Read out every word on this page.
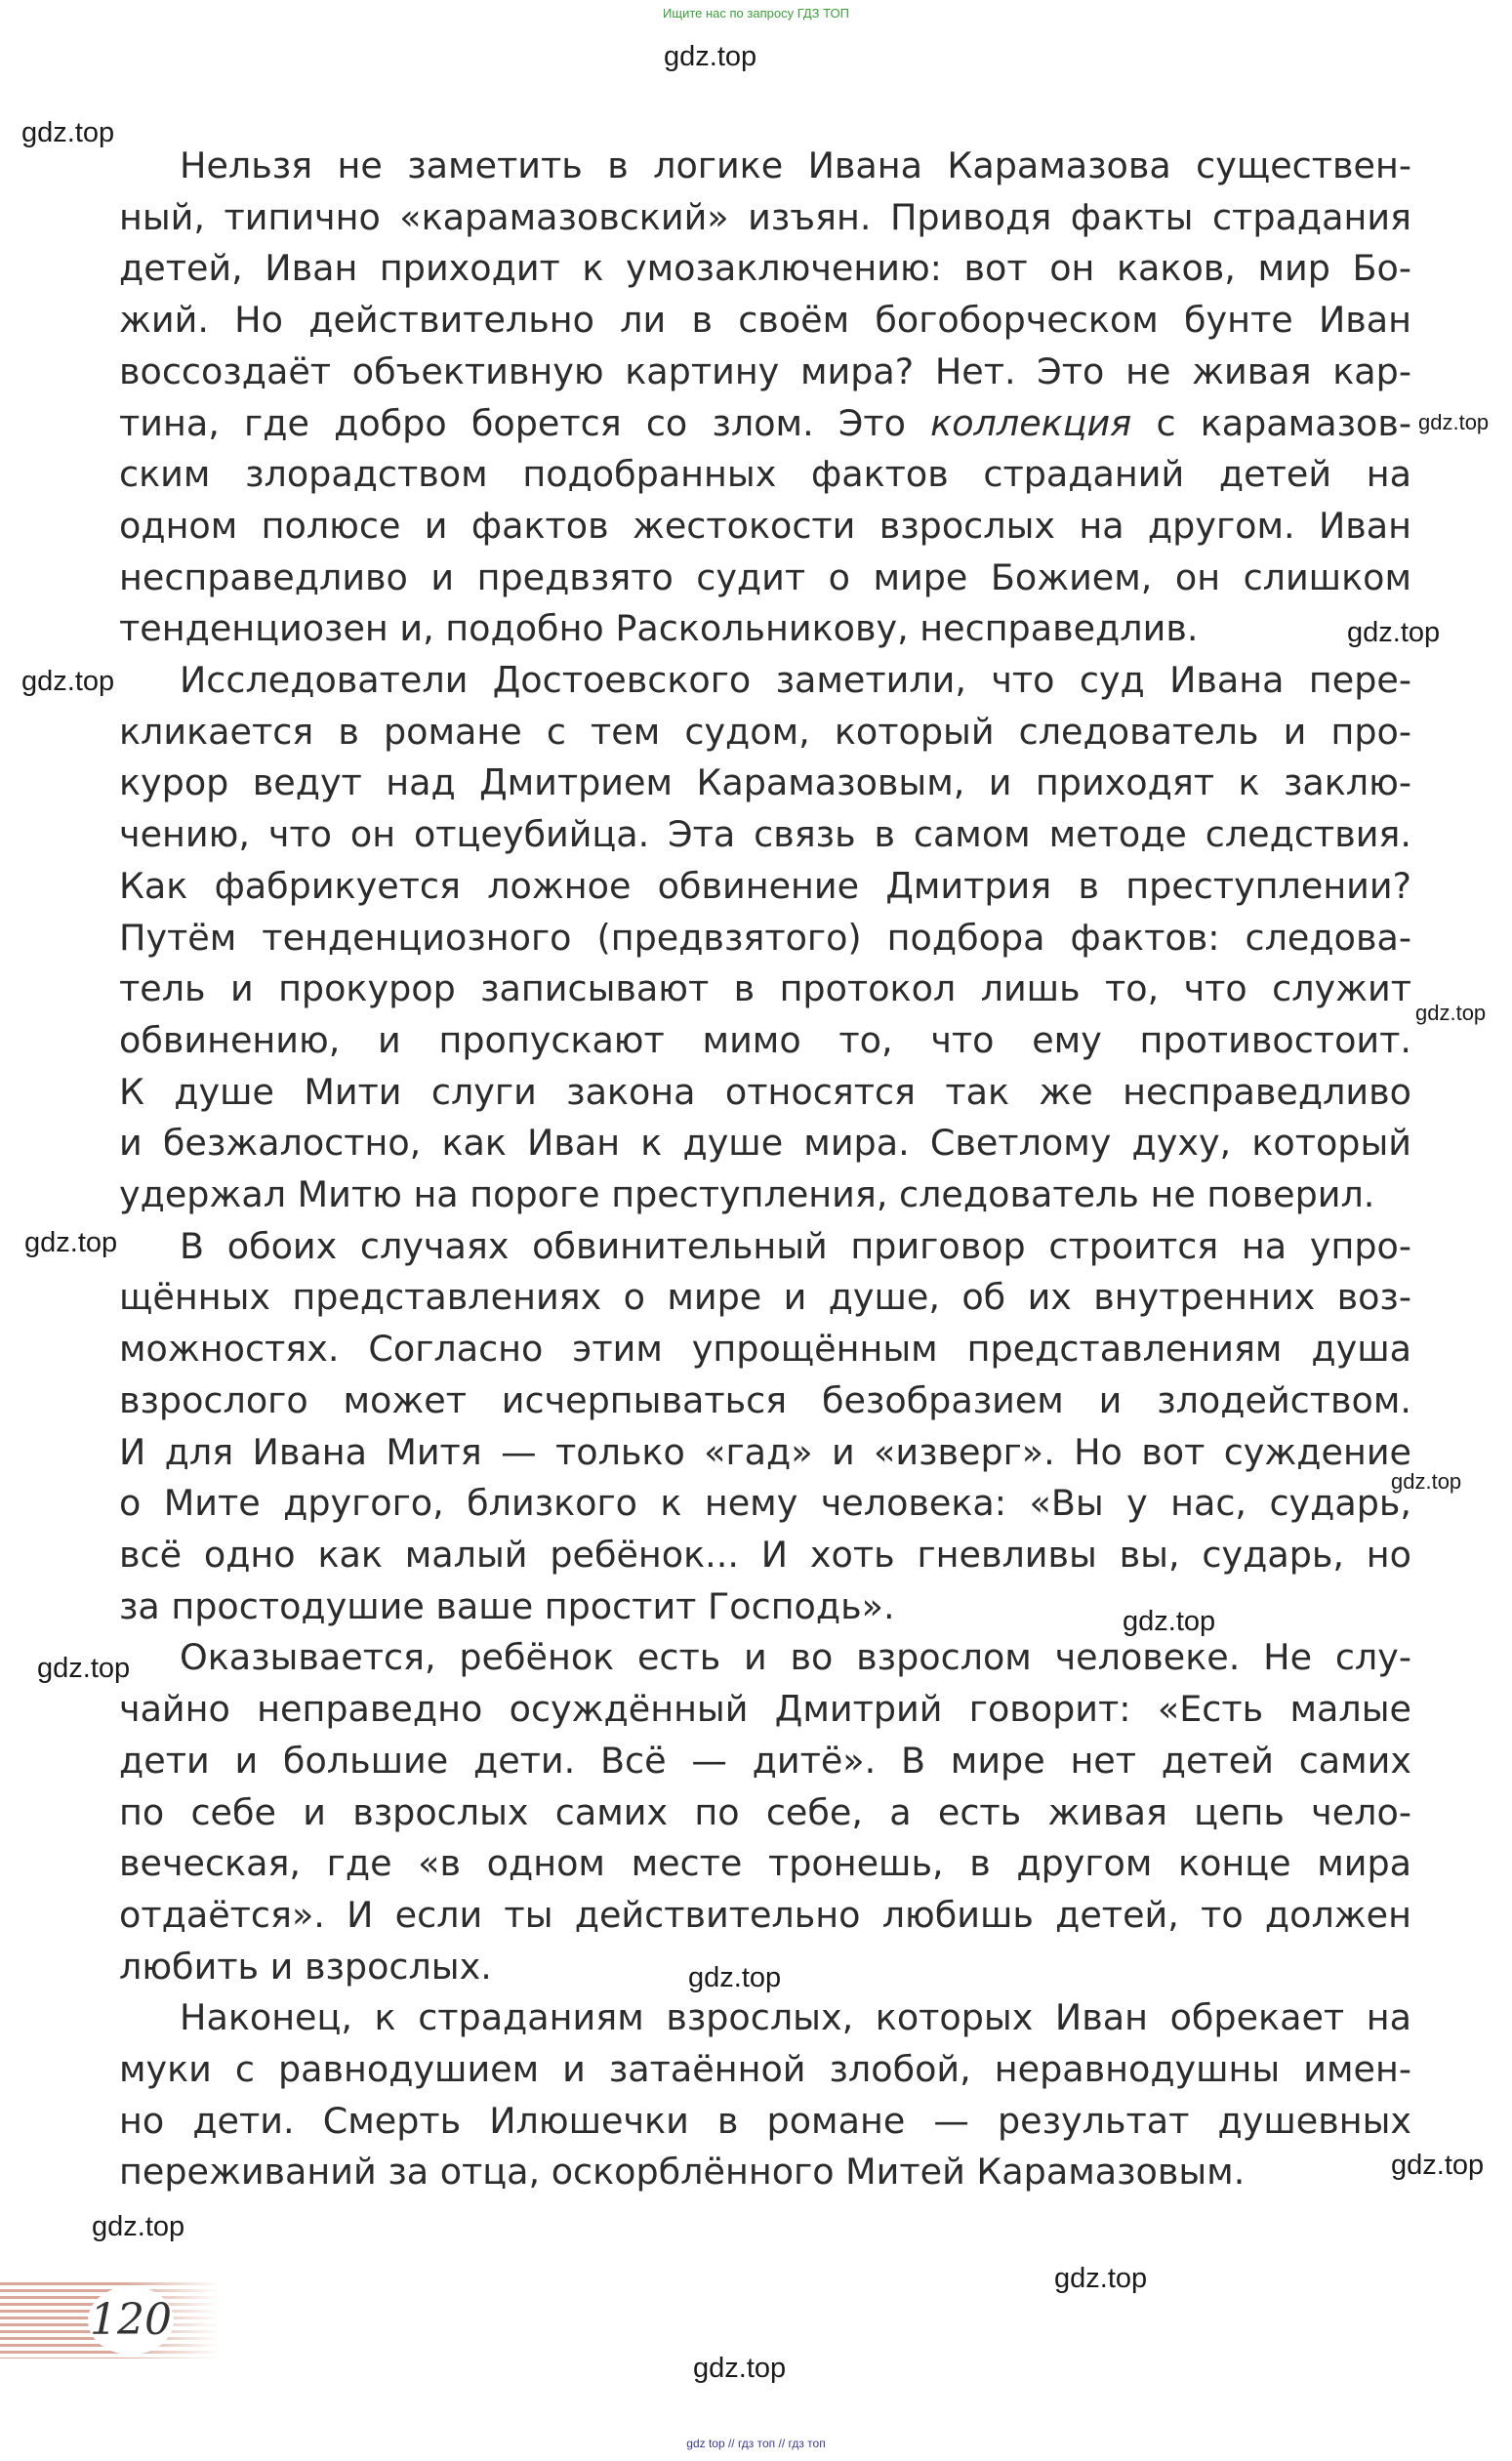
Ищите нас по запросу ГДЗ ТОП

Нельзя не заметить в логике Ивана Карамазова существен-
ный, типично «карамазовский» изъян. Приводя факты страдания
детей, Иван приходит к умозаключению: вот он каков, мир Бо-
жий. Но действительно ли в своём богоборческом бунте Иван
воссоздаёт объективную картину мира? Нет. Это не живая кар-
тина, где добро борется со злом. Это коллекция с карамазов-
ским злорадством подобранных фактов страданий детей на
одном полюсе и фактов жестокости взрослых на другом. Иван
несправедливо и предвзято судит о мире Божием, он слишком
тенденциозен и, подобно Раскольникову, несправедлив.

Исследователи Достоевского заметили, что суд Ивана пере-
кликается в романе с тем судом, который следователь и про-
курор ведут над Дмитрием Карамазовым, и приходят к заклю-
чению, что он отцеубийца. Эта связь в самом методе следствия.
Как фабрикуется ложное обвинение Дмитрия в преступлении?
Путём тенденциозного (предвзятого) подбора фактов: следова-
тель и прокурор записывают в протокол лишь то, что служит
обвинению, и пропускают мимо то, что ему противостоит.
К душе Мити слуги закона относятся так же несправедливо
и безжалостно, как Иван к душе мира. Светлому духу, который
удержал Митю на пороге преступления, следователь не поверил.

В обоих случаях обвинительный приговор строится на упро-
щённых представлениях о мире и душе, об их внутренних воз-
можностях. Согласно этим упрощённым представлениям душа
взрослого может исчерпываться безобразием и злодейством.
И для Ивана Митя — только «гад» и «изверг». Но вот суждение
о Мите другого, близкого к нему человека: «Вы у нас, сударь,
всё одно как малый ребёнок... И хоть гневливы вы, сударь, но
за простодушие ваше простит Господь».

Оказывается, ребёнок есть и во взрослом человеке. Не слу-
чайно неправедно осуждённый Дмитрий говорит: «Есть малые
дети и большие дети. Всё — дитё». В мире нет детей самих
по себе и взрослых самих по себе, а есть живая цепь чело-
веческая, где «в одном месте тронешь, в другом конце мира
отдаётся». И если ты действительно любишь детей, то должен
любить и взрослых.

Наконец, к страданиям взрослых, которых Иван обрекает на
муки с равнодушием и затаённой злобой, неравнодушны имен-
но дети. Смерть Илюшечки в романе — результат душевных
переживаний за отца, оскорблённого Митей Карамазовым.

gdz.top
gdz.top
gdz.top
gdz.top
gdz.top
gdz.top
gdz.top
gdz.top
gdz.top
gdz.top
gdz.top
gdz.top
gdz.top
gdz.top
gdz.top
120
gdz top // гдз топ // гдз топ
